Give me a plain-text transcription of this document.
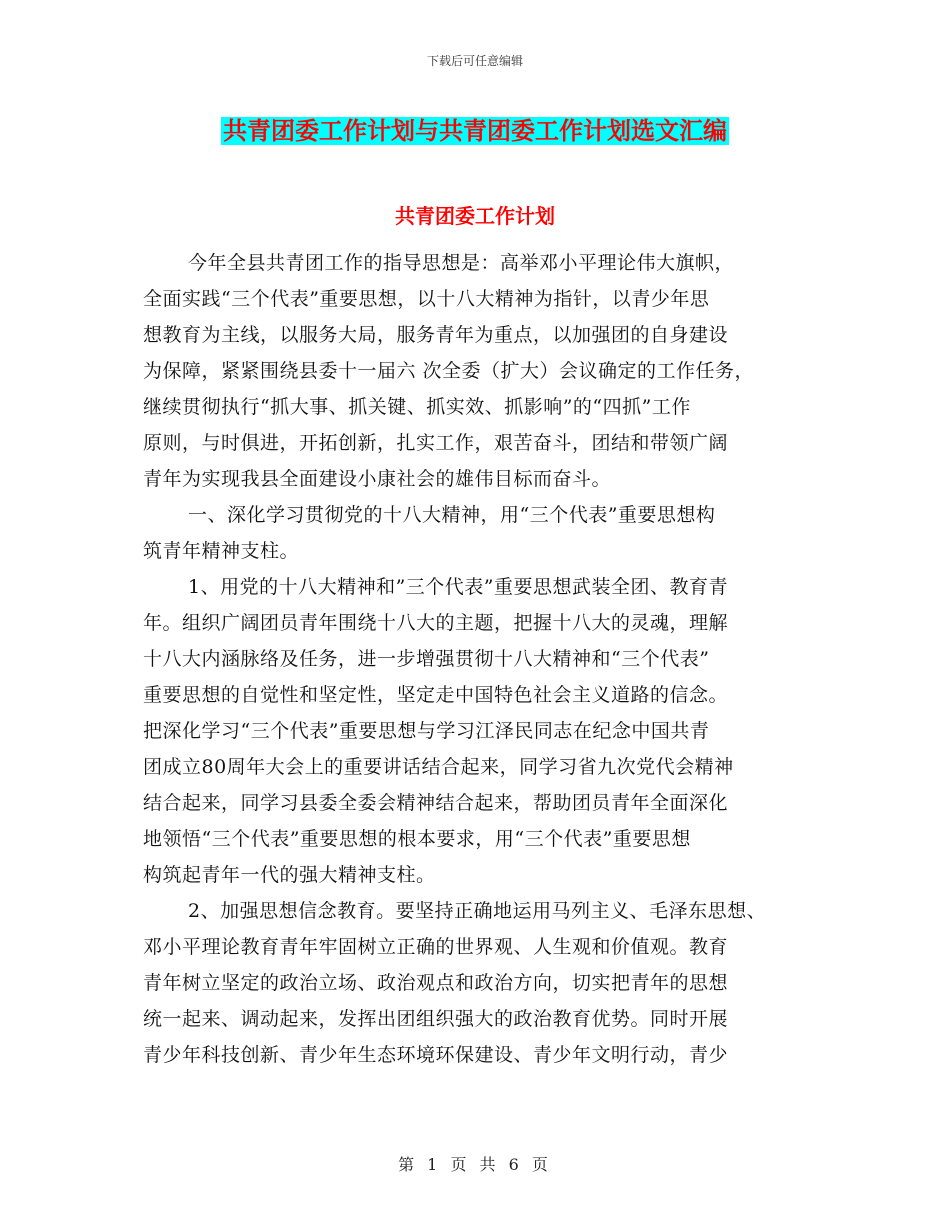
下载后可任意编辑
共青团委工作计划与共青团委工作计划选文汇编
共青团委工作计划
今年全县共青团工作的指导思想是：高举邓小平理论伟大旗帜，
全面实践“三个代表”重要思想，以十八大精神为指针，以青少年思
想教育为主线，以服务大局，服务青年为重点，以加强团的自身建设
为保障，紧紧围绕县委十一届六 次全委（扩大）会议确定的工作任务，
继续贯彻执行“抓大事、抓关键、抓实效、抓影响”的“四抓”工作
原则，与时俱进，开拓创新，扎实工作，艰苦奋斗，团结和带领广阔
青年为实现我县全面建设小康社会的雄伟目标而奋斗。
一、深化学习贯彻党的十八大精神，用“三个代表”重要思想构
筑青年精神支柱。
1、用党的十八大精神和”三个代表”重要思想武装全团、教育青
年。组织广阔团员青年围绕十八大的主题，把握十八大的灵魂，理解
十八大内涵脉络及任务，进一步增强贯彻十八大精神和“三个代表”
重要思想的自觉性和坚定性，坚定走中国特色社会主义道路的信念。
把深化学习“三个代表”重要思想与学习江泽民同志在纪念中国共青
团成立80周年大会上的重要讲话结合起来，同学习省九次党代会精神
结合起来，同学习县委全委会精神结合起来，帮助团员青年全面深化
地领悟“三个代表”重要思想的根本要求，用“三个代表”重要思想
构筑起青年一代的强大精神支柱。
2、加强思想信念教育。要坚持正确地运用马列主义、毛泽东思想、
邓小平理论教育青年牢固树立正确的世界观、人生观和价值观。教育
青年树立坚定的政治立场、政治观点和政治方向，切实把青年的思想
统一起来、调动起来，发挥出团组织强大的政治教育优势。同时开展
青少年科技创新、青少年生态环境环保建设、青少年文明行动，青少
第 1 页 共 6 页
